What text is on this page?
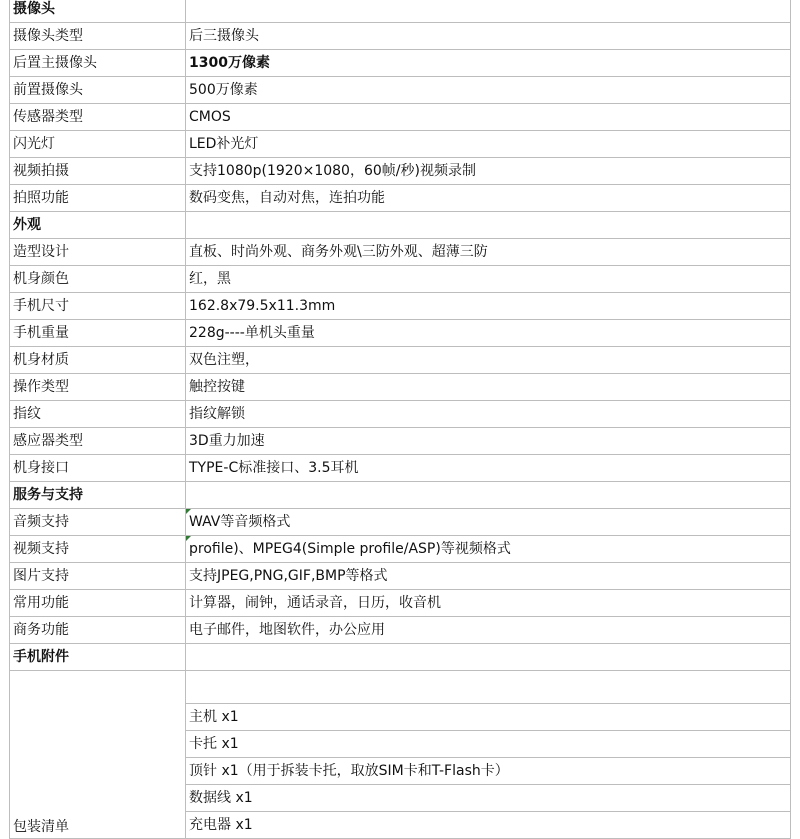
摄像头	
摄像头类型	后三摄像头
后置主摄像头	1300万像素
前置摄像头	500万像素
传感器类型	CMOS
闪光灯	LED补光灯
视频拍摄	支持1080p(1920×1080，60帧/秒)视频录制
拍照功能	数码变焦，自动对焦，连拍功能
外观	
造型设计	直板、时尚外观、商务外观\三防外观、超薄三防
机身颜色	红，黑
手机尺寸	162.8x79.5x11.3mm
手机重量	228g----单机头重量
机身材质	双色注塑，
操作类型	触控按键
指纹	指纹解锁
感应器类型	3D重力加速
机身接口	TYPE-C标准接口、3.5耳机
服务与支持	
音频支持	WAV等音频格式
视频支持	profile)、MPEG4(Simple profile/ASP)等视频格式
图片支持	支持JPEG,PNG,GIF,BMP等格式
常用功能	计算器，闹钟，通话录音，日历，收音机
商务功能	电子邮件，地图软件，办公应用
手机附件	
包装清单	
	主机 x1
	卡托 x1
	顶针 x1（用于拆装卡托，取放SIM卡和T-Flash卡）
	数据线 x1
	充电器 x1
